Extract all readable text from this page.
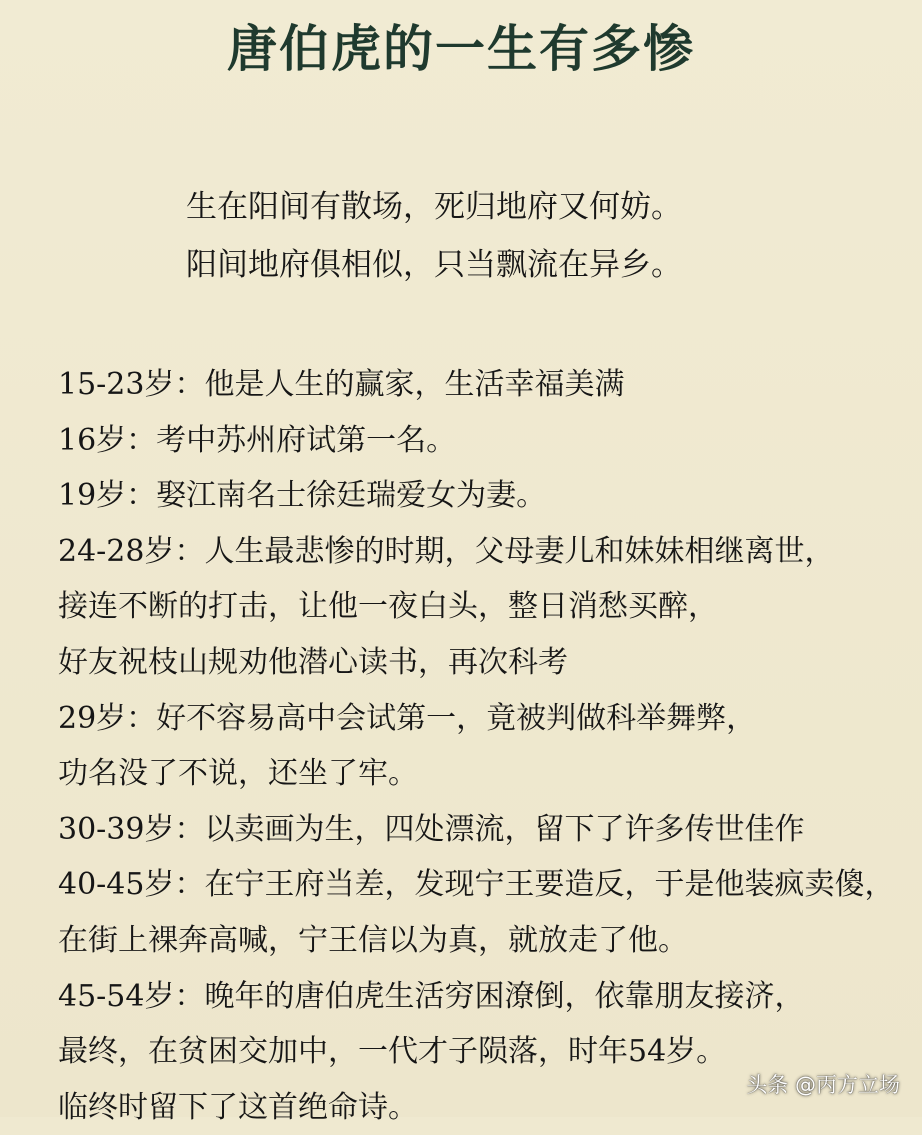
唐伯虎的一生有多惨
生在阳间有散场，死归地府又何妨。
阳间地府俱相似，只当飘流在异乡。
15-23岁：他是人生的赢家，生活幸福美满
16岁：考中苏州府试第一名。
19岁：娶江南名士徐廷瑞爱女为妻。
24-28岁：人生最悲惨的时期，父母妻儿和妹妹相继离世，
接连不断的打击，让他一夜白头，整日消愁买醉，
好友祝枝山规劝他潜心读书，再次科考
29岁：好不容易高中会试第一，竟被判做科举舞弊，
功名没了不说，还坐了牢。
30-39岁：以卖画为生，四处漂流，留下了许多传世佳作
40-45岁：在宁王府当差，发现宁王要造反，于是他装疯卖傻，
在街上裸奔高喊，宁王信以为真，就放走了他。
45-54岁：晚年的唐伯虎生活穷困潦倒，依靠朋友接济，
最终，在贫困交加中，一代才子陨落，时年54岁。
临终时留下了这首绝命诗。
头条 @丙方立场
